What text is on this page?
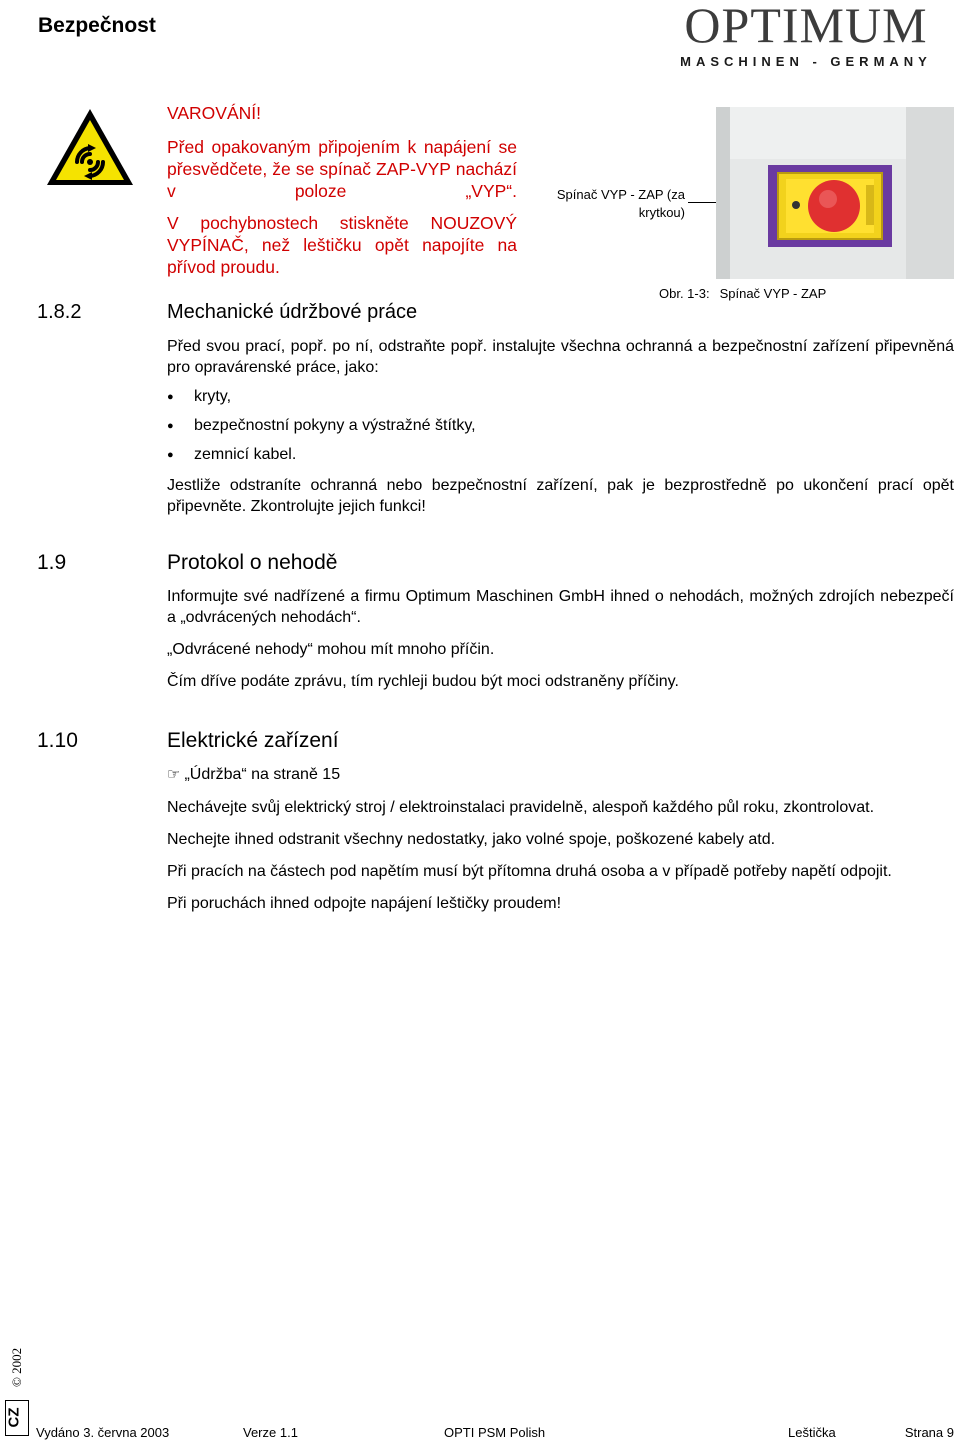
Bezpečnost	OPTIMUM
MASCHINEN - GERMANY

VAROVÁNÍ!

Před opakovaným připojením k napájení se přesvědčete, že se spínač ZAP-VYP nachází v poloze „VYP“.

V pochybnostech stiskněte NOUZOVÝ VYPÍNAČ, než leštičku opět napojíte na přívod proudu.

Spínač VYP - ZAP (za krytkou)
Obr. 1-3: Spínač VYP - ZAP
1.8.2	Mechanické údržbové práce

Před svou prací, popř. po ní, odstraňte popř. instalujte všechna ochranná a bezpečnostní zařízení připevněná pro opravárenské práce, jako:

● kryty,
● bezpečnostní pokyny a výstražné štítky,
● zemnicí kabel.

Jestliže odstraníte ochranná nebo bezpečnostní zařízení, pak je bezprostředně po ukončení prací opět připevněte. Zkontrolujte jejich funkci!

1.9	Protokol o nehodě

Informujte své nadřízené a firmu Optimum Maschinen GmbH ihned o nehodách, možných zdrojích nebezpečí a „odvrácených nehodách“.

„Odvrácené nehody“ mohou mít mnoho příčin.

Čím dříve podáte zprávu, tím rychleji budou být moci odstraněny příčiny.

1.10	Elektrické zařízení

☞ „Údržba“ na straně 15

Nechávejte svůj elektrický stroj / elektroinstalaci pravidelně, alespoň každého půl roku, zkontrolovat.

Nechejte ihned odstranit všechny nedostatky, jako volné spoje, poškozené kabely atd.

Při pracích na částech pod napětím musí být přítomna druhá osoba a v případě potřeby napětí odpojit.

Při poruchách ihned odpojte napájení leštičky proudem!

© 2002
CZ
Vydáno 3. června 2003	Verze 1.1	OPTI PSM Polish	Leštička	Strana 9
